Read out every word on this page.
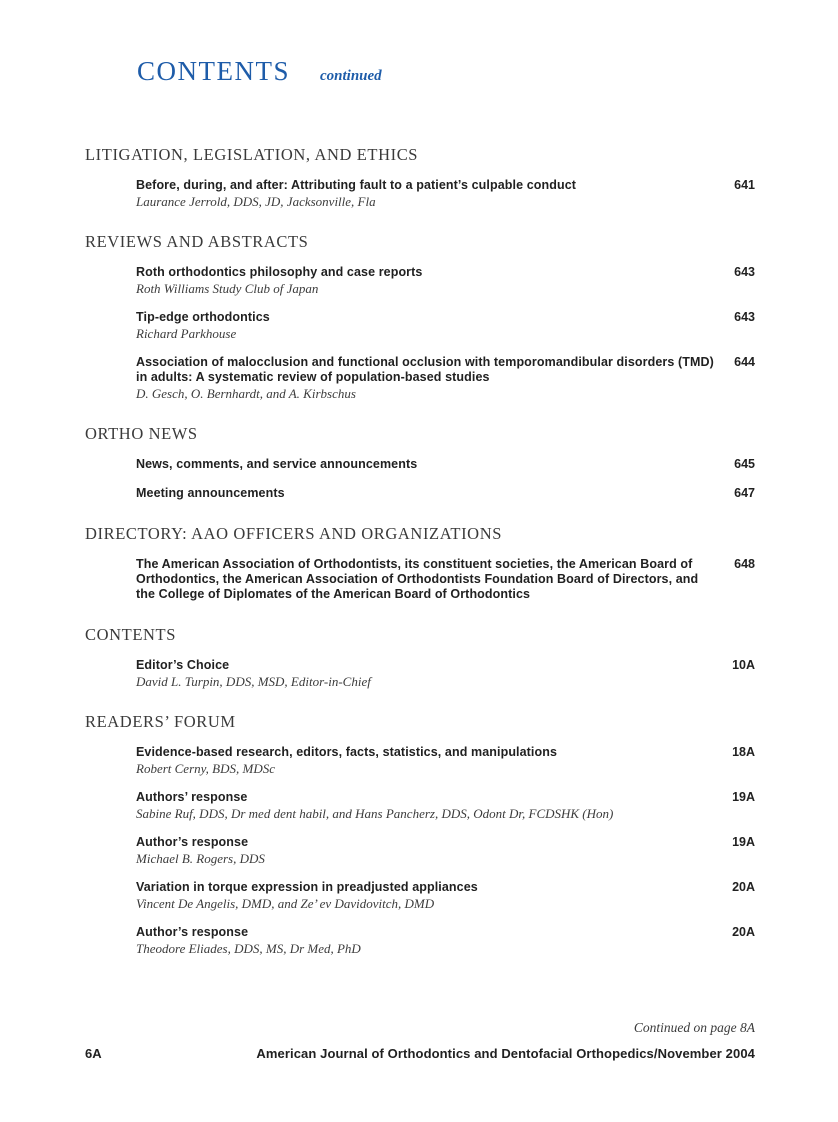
CONTENTS continued
LITIGATION, LEGISLATION, AND ETHICS
Before, during, and after: Attributing fault to a patient’s culpable conduct
Laurance Jerrold, DDS, JD, Jacksonville, Fla
641
REVIEWS AND ABSTRACTS
Roth orthodontics philosophy and case reports
Roth Williams Study Club of Japan
643
Tip-edge orthodontics
Richard Parkhouse
643
Association of malocclusion and functional occlusion with temporomandibular disorders (TMD) in adults: A systematic review of population-based studies
D. Gesch, O. Bernhardt, and A. Kirbschus
644
ORTHO NEWS
News, comments, and service announcements	645
Meeting announcements	647
DIRECTORY: AAO OFFICERS AND ORGANIZATIONS
The American Association of Orthodontists, its constituent societies, the American Board of Orthodontics, the American Association of Orthodontists Foundation Board of Directors, and the College of Diplomates of the American Board of Orthodontics
648
CONTENTS
Editor’s Choice
David L. Turpin, DDS, MSD, Editor-in-Chief
10A
READERS’ FORUM
Evidence-based research, editors, facts, statistics, and manipulations
Robert Cerny, BDS, MDSc
18A
Authors’ response
Sabine Ruf, DDS, Dr med dent habil, and Hans Pancherz, DDS, Odont Dr, FCDSHK (Hon)
19A
Author’s response
Michael B. Rogers, DDS
19A
Variation in torque expression in preadjusted appliances
Vincent De Angelis, DMD, and Ze’ ev Davidovitch, DMD
20A
Author’s response
Theodore Eliades, DDS, MS, Dr Med, PhD
20A
Continued on page 8A
6A	American Journal of Orthodontics and Dentofacial Orthopedics/November 2004
